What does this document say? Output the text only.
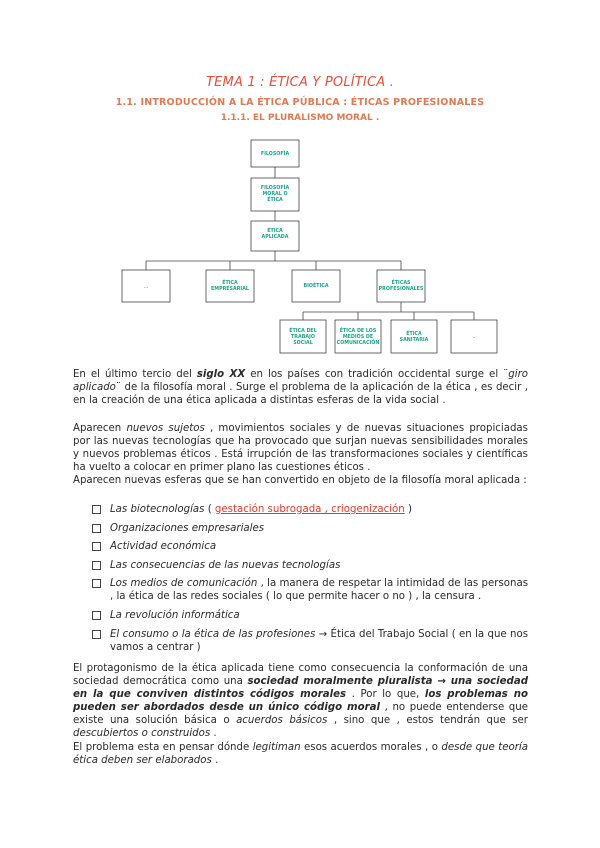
TEMA 1 : ÉTICA Y POLÍTICA .
1.1. INTRODUCCIÓN A LA ÉTICA PÚBLICA : ÉTICAS PROFESIONALES
1.1.1. EL PLURALISMO MORAL .
FILOSOFÍA
FILOSOFÍA
MORAL O
ÉTICA
ÉTICA
APLICADA
…
ÉTICA
EMPRESARIAL
BIOÉTICA
ÉTICAS
PROFESIONALES
ÉTICA DEL
TRABAJO
SOCIAL
ÉTICA DE LOS
MEDIOS DE
COMUNICACIÓN
ÉTICA
SANITARIA	-

En el último tercio del siglo XX en los países con tradición occidental surge el ¨giro aplicado¨ de la filosofía moral . Surge el problema de la aplicación de la ética , es decir , en la creación de una ética aplicada a distintas esferas de la vida social .

Aparecen nuevos sujetos , movimientos sociales y de nuevas situaciones propiciadas por las nuevas tecnologías que ha provocado que surjan nuevas sensibilidades morales y nuevos problemas éticos . Está irrupción de las transformaciones sociales y científicas ha vuelto a colocar en primer plano las cuestiones éticos .

Aparecen nuevas esferas que se han convertido en objeto de la filosofía moral aplicada :

Las biotecnologías ( gestación subrogada , criogenización )
Organizaciones empresariales
Actividad económica
Las consecuencias de las nuevas tecnologías
Los medios de comunicación , la manera de respetar la intimidad de las personas , la ética de las redes sociales ( lo que permite hacer o no ) , la censura .
La revolución informática
El consumo o la ética de las profesiones → Ética del Trabajo Social ( en la que nos vamos a centrar )

El protagonismo de la ética aplicada tiene como consecuencia la conformación de una sociedad democrática como una sociedad moralmente pluralista → una sociedad en la que conviven distintos códigos morales . Por lo que, los problemas no pueden ser abordados desde un único código moral , no puede entenderse que existe una solución básica o acuerdos básicos , sino que , estos tendrán que ser descubiertos o construidos .

El problema esta en pensar dónde legitiman esos acuerdos morales , o desde que teoría ética deben ser elaborados .
